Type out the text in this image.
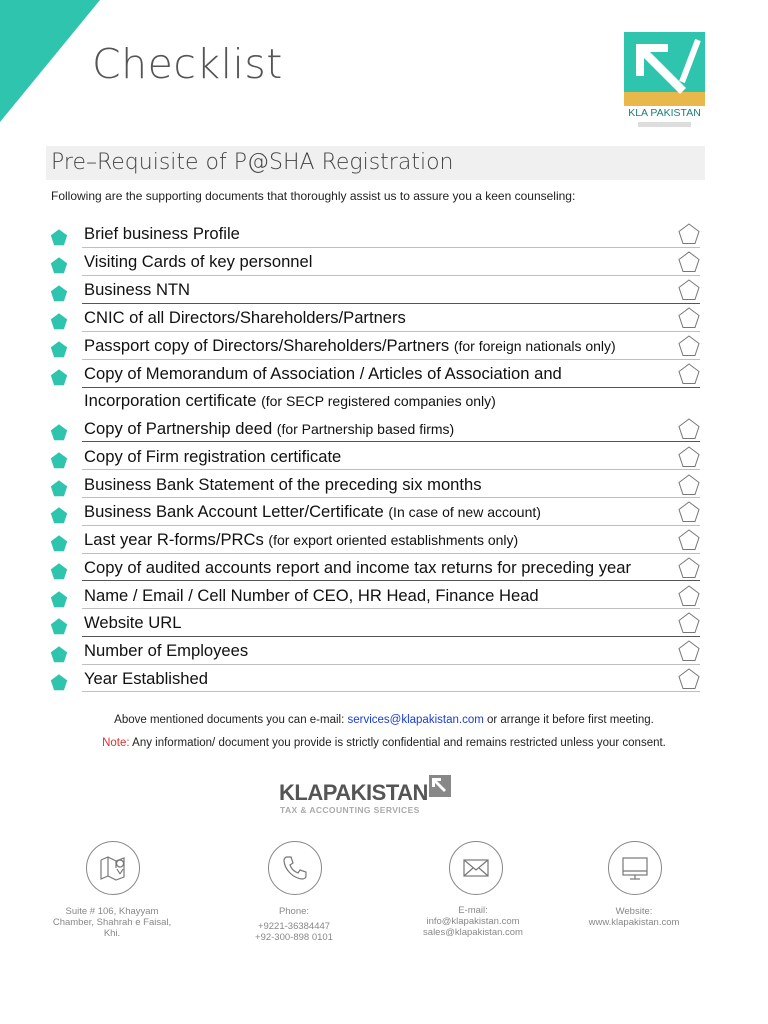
Checklist
KLA PAKISTAN
Pre–Requisite of P@SHA Registration
Following are the supporting documents that thoroughly assist us to assure you a keen counseling:
Brief business Profile
Visiting Cards of key personnel
Business NTN
CNIC of all Directors/Shareholders/Partners
Passport copy of Directors/Shareholders/Partners (for foreign nationals only)
Copy of Memorandum of Association / Articles of Association and
Incorporation certificate (for SECP registered companies only)
Copy of Partnership deed (for Partnership based firms)
Copy of Firm registration certificate
Business Bank Statement of the preceding six months
Business Bank Account Letter/Certificate (In case of new account)
Last year R-forms/PRCs (for export oriented establishments only)
Copy of audited accounts report and income tax returns for preceding year
Name / Email / Cell Number of CEO, HR Head, Finance Head
Website URL
Number of Employees
Year Established
Above mentioned documents you can e-mail: services@klapakistan.com or arrange it before first meeting.
Note: Any information/ document you provide is strictly confidential and remains restricted unless your consent.
KLAPAKISTAN
TAX & ACCOUNTING SERVICES
Suite # 106, Khayyam Chamber, Shahrah e Faisal, Khi.
Phone:
+9221-36384447
+92-300-898 0101
E-mail:
info@klapakistan.com
sales@klapakistan.com
Website:
www.klapakistan.com
